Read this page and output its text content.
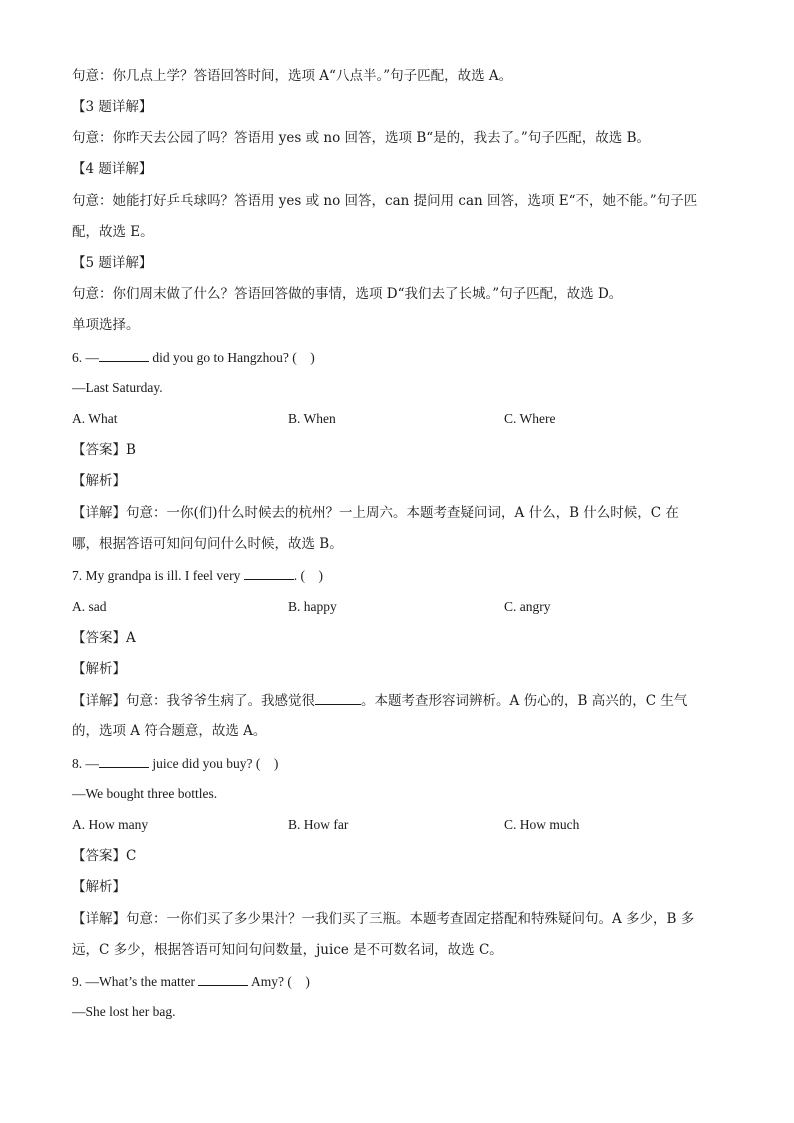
句意：你几点上学？答语回答时间，选项 A“八点半。”句子匹配，故选 A。
【3 题详解】
句意：你昨天去公园了吗？答语用 yes 或 no 回答，选项 B“是的，我去了。”句子匹配，故选 B。
【4 题详解】
句意：她能打好乒乓球吗？答语用 yes 或 no 回答，can 提问用 can 回答，选项 E“不，她不能。”句子匹
配，故选 E。
【5 题详解】
句意：你们周末做了什么？答语回答做的事情，选项 D“我们去了长城。”句子匹配，故选 D。
单项选择。
6. —	did you go to Hangzhou? (　)
—Last Saturday.
A. What	B. When	C. Where
【答案】B
【解析】
【详解】句意：一你(们)什么时候去的杭州？一上周六。本题考查疑问词，A 什么，B 什么时候，C 在
哪，根据答语可知问句问什么时候，故选 B。
7. My grandpa is ill. I feel very	. (　)
A. sad	B. happy	C. angry
【答案】A
【解析】
【详解】句意：我爷爷生病了。我感觉很	。本题考查形容词辨析。A 伤心的，B 高兴的，C 生气
的，选项 A 符合题意，故选 A。
8. —	juice did you buy? (　)
—We bought three bottles.
A. How many	B. How far	C. How much
【答案】C
【解析】
【详解】句意：一你们买了多少果汁？一我们买了三瓶。本题考查固定搭配和特殊疑问句。A 多少，B 多
远，C 多少，根据答语可知问句问数量，juice 是不可数名词，故选 C。
9. —What’s the matter	Amy? (　)
—She lost her bag.
